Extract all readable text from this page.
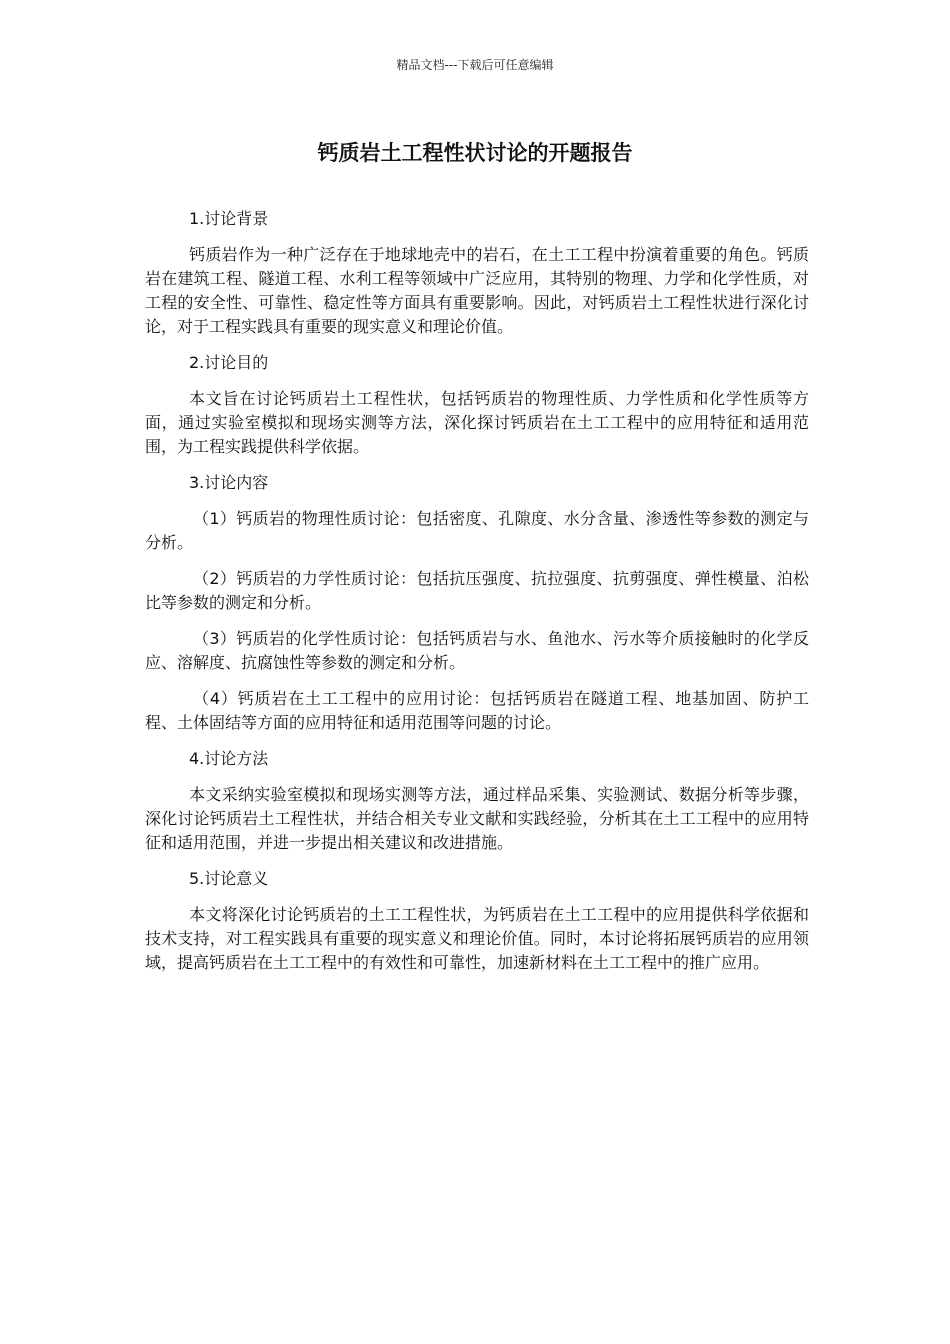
精品文档---下载后可任意编辑
钙质岩土工程性状讨论的开题报告

1.讨论背景

钙质岩作为一种广泛存在于地球地壳中的岩石，在土工工程中扮演着重要的角色。钙质岩在建筑工程、隧道工程、水利工程等领域中广泛应用，其特别的物理、力学和化学性质，对工程的安全性、可靠性、稳定性等方面具有重要影响。因此，对钙质岩土工程性状进行深化讨论，对于工程实践具有重要的现实意义和理论价值。

2.讨论目的

本文旨在讨论钙质岩土工程性状，包括钙质岩的物理性质、力学性质和化学性质等方面，通过实验室模拟和现场实测等方法，深化探讨钙质岩在土工工程中的应用特征和适用范围，为工程实践提供科学依据。

3.讨论内容

（1）钙质岩的物理性质讨论：包括密度、孔隙度、水分含量、渗透性等参数的测定与分析。

（2）钙质岩的力学性质讨论：包括抗压强度、抗拉强度、抗剪强度、弹性模量、泊松比等参数的测定和分析。

（3）钙质岩的化学性质讨论：包括钙质岩与水、鱼池水、污水等介质接触时的化学反应、溶解度、抗腐蚀性等参数的测定和分析。

（4）钙质岩在土工工程中的应用讨论：包括钙质岩在隧道工程、地基加固、防护工程、土体固结等方面的应用特征和适用范围等问题的讨论。

4.讨论方法

本文采纳实验室模拟和现场实测等方法，通过样品采集、实验测试、数据分析等步骤，深化讨论钙质岩土工程性状，并结合相关专业文献和实践经验，分析其在土工工程中的应用特征和适用范围，并进一步提出相关建议和改进措施。

5.讨论意义

本文将深化讨论钙质岩的土工工程性状，为钙质岩在土工工程中的应用提供科学依据和技术支持，对工程实践具有重要的现实意义和理论价值。同时，本讨论将拓展钙质岩的应用领域，提高钙质岩在土工工程中的有效性和可靠性，加速新材料在土工工程中的推广应用。
